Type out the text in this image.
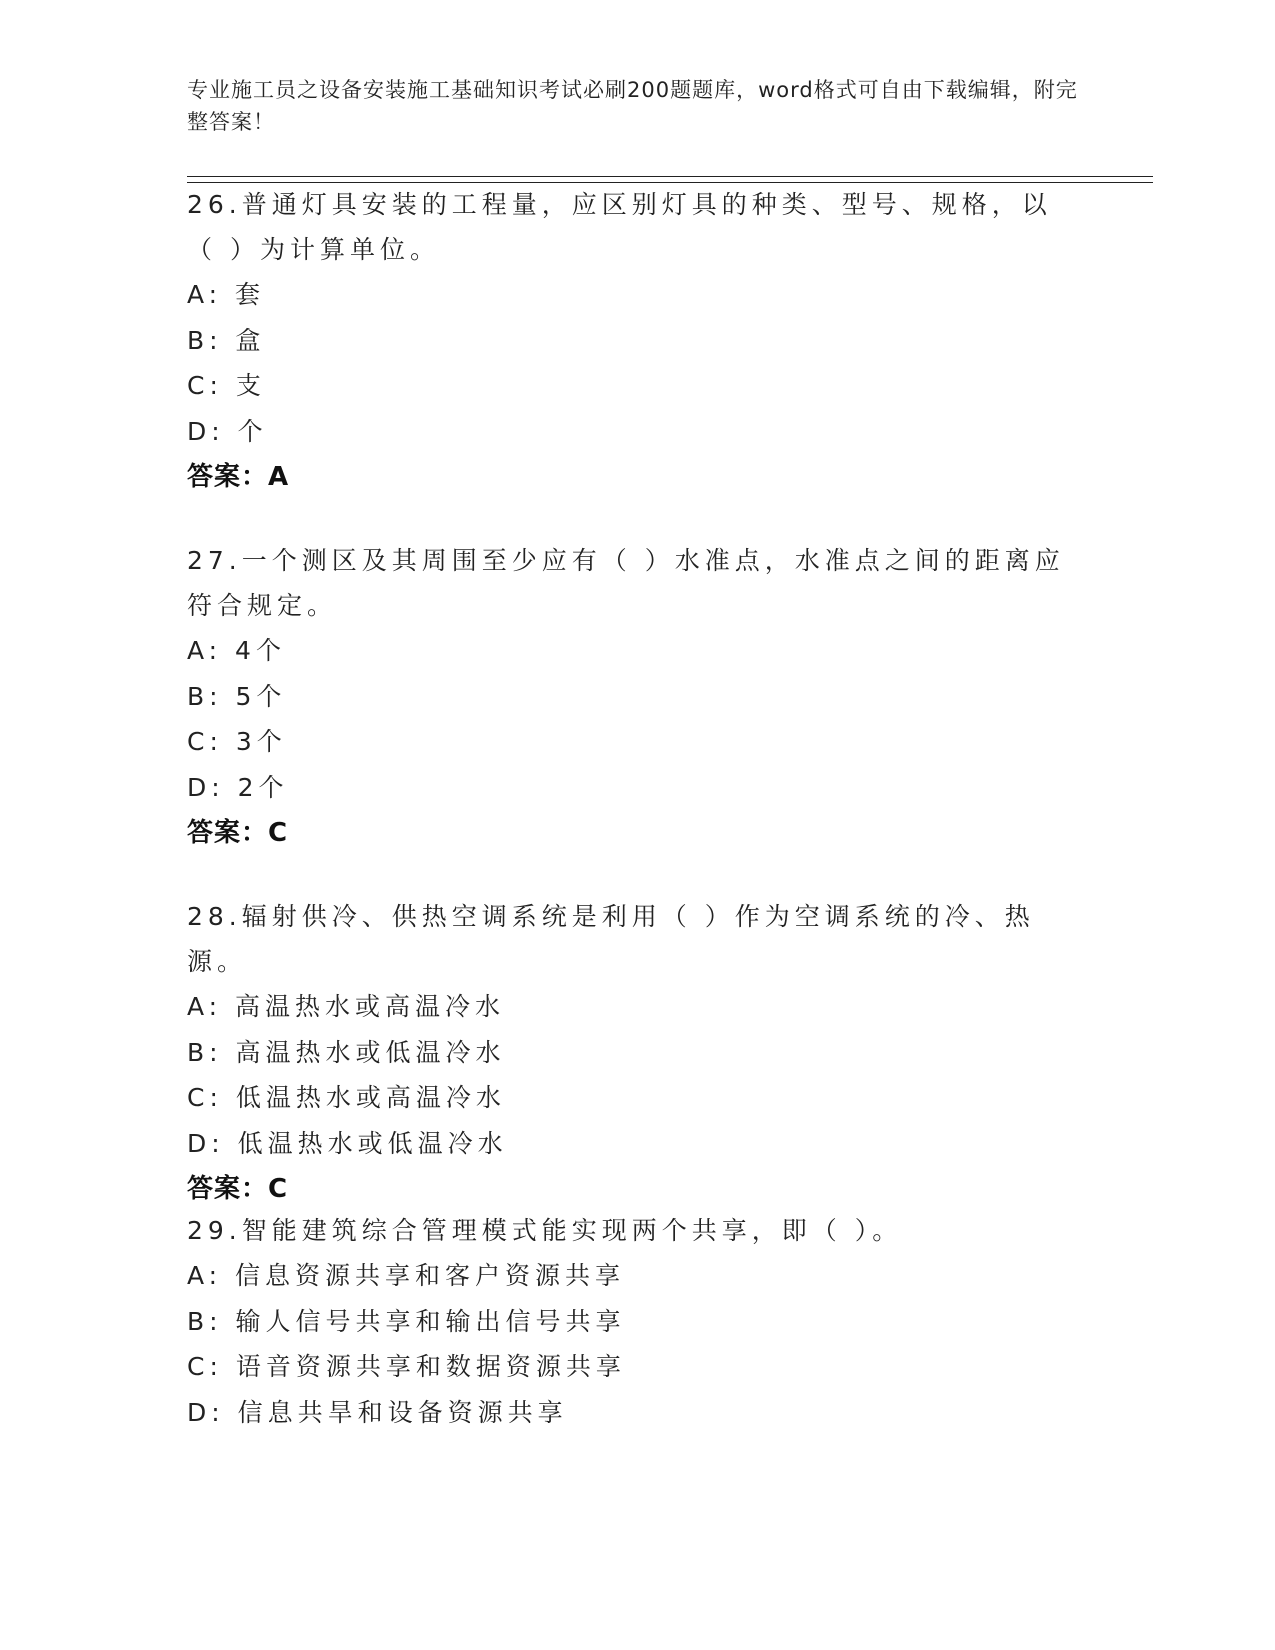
专业施工员之设备安装施工基础知识考试必刷200题题库，word格式可自由下载编辑，附完整答案！
26.普通灯具安装的工程量，应区别灯具的种类、型号、规格，以（ ）为计算单位。
A: 套
B: 盒
C: 支
D: 个
答案：A
27.一个测区及其周围至少应有（ ）水准点，水准点之间的距离应符合规定。
A: 4个
B: 5个
C: 3个
D: 2个
答案：C
28.辐射供冷、供热空调系统是利用（ ）作为空调系统的冷、热源。
A: 高温热水或高温冷水
B: 高温热水或低温冷水
C: 低温热水或高温冷水
D: 低温热水或低温冷水
答案：C
29.智能建筑综合管理模式能实现两个共享，即（ ）。
A: 信息资源共享和客户资源共享
B: 输人信号共享和输出信号共享
C: 语音资源共享和数据资源共享
D: 信息共旱和设备资源共享
